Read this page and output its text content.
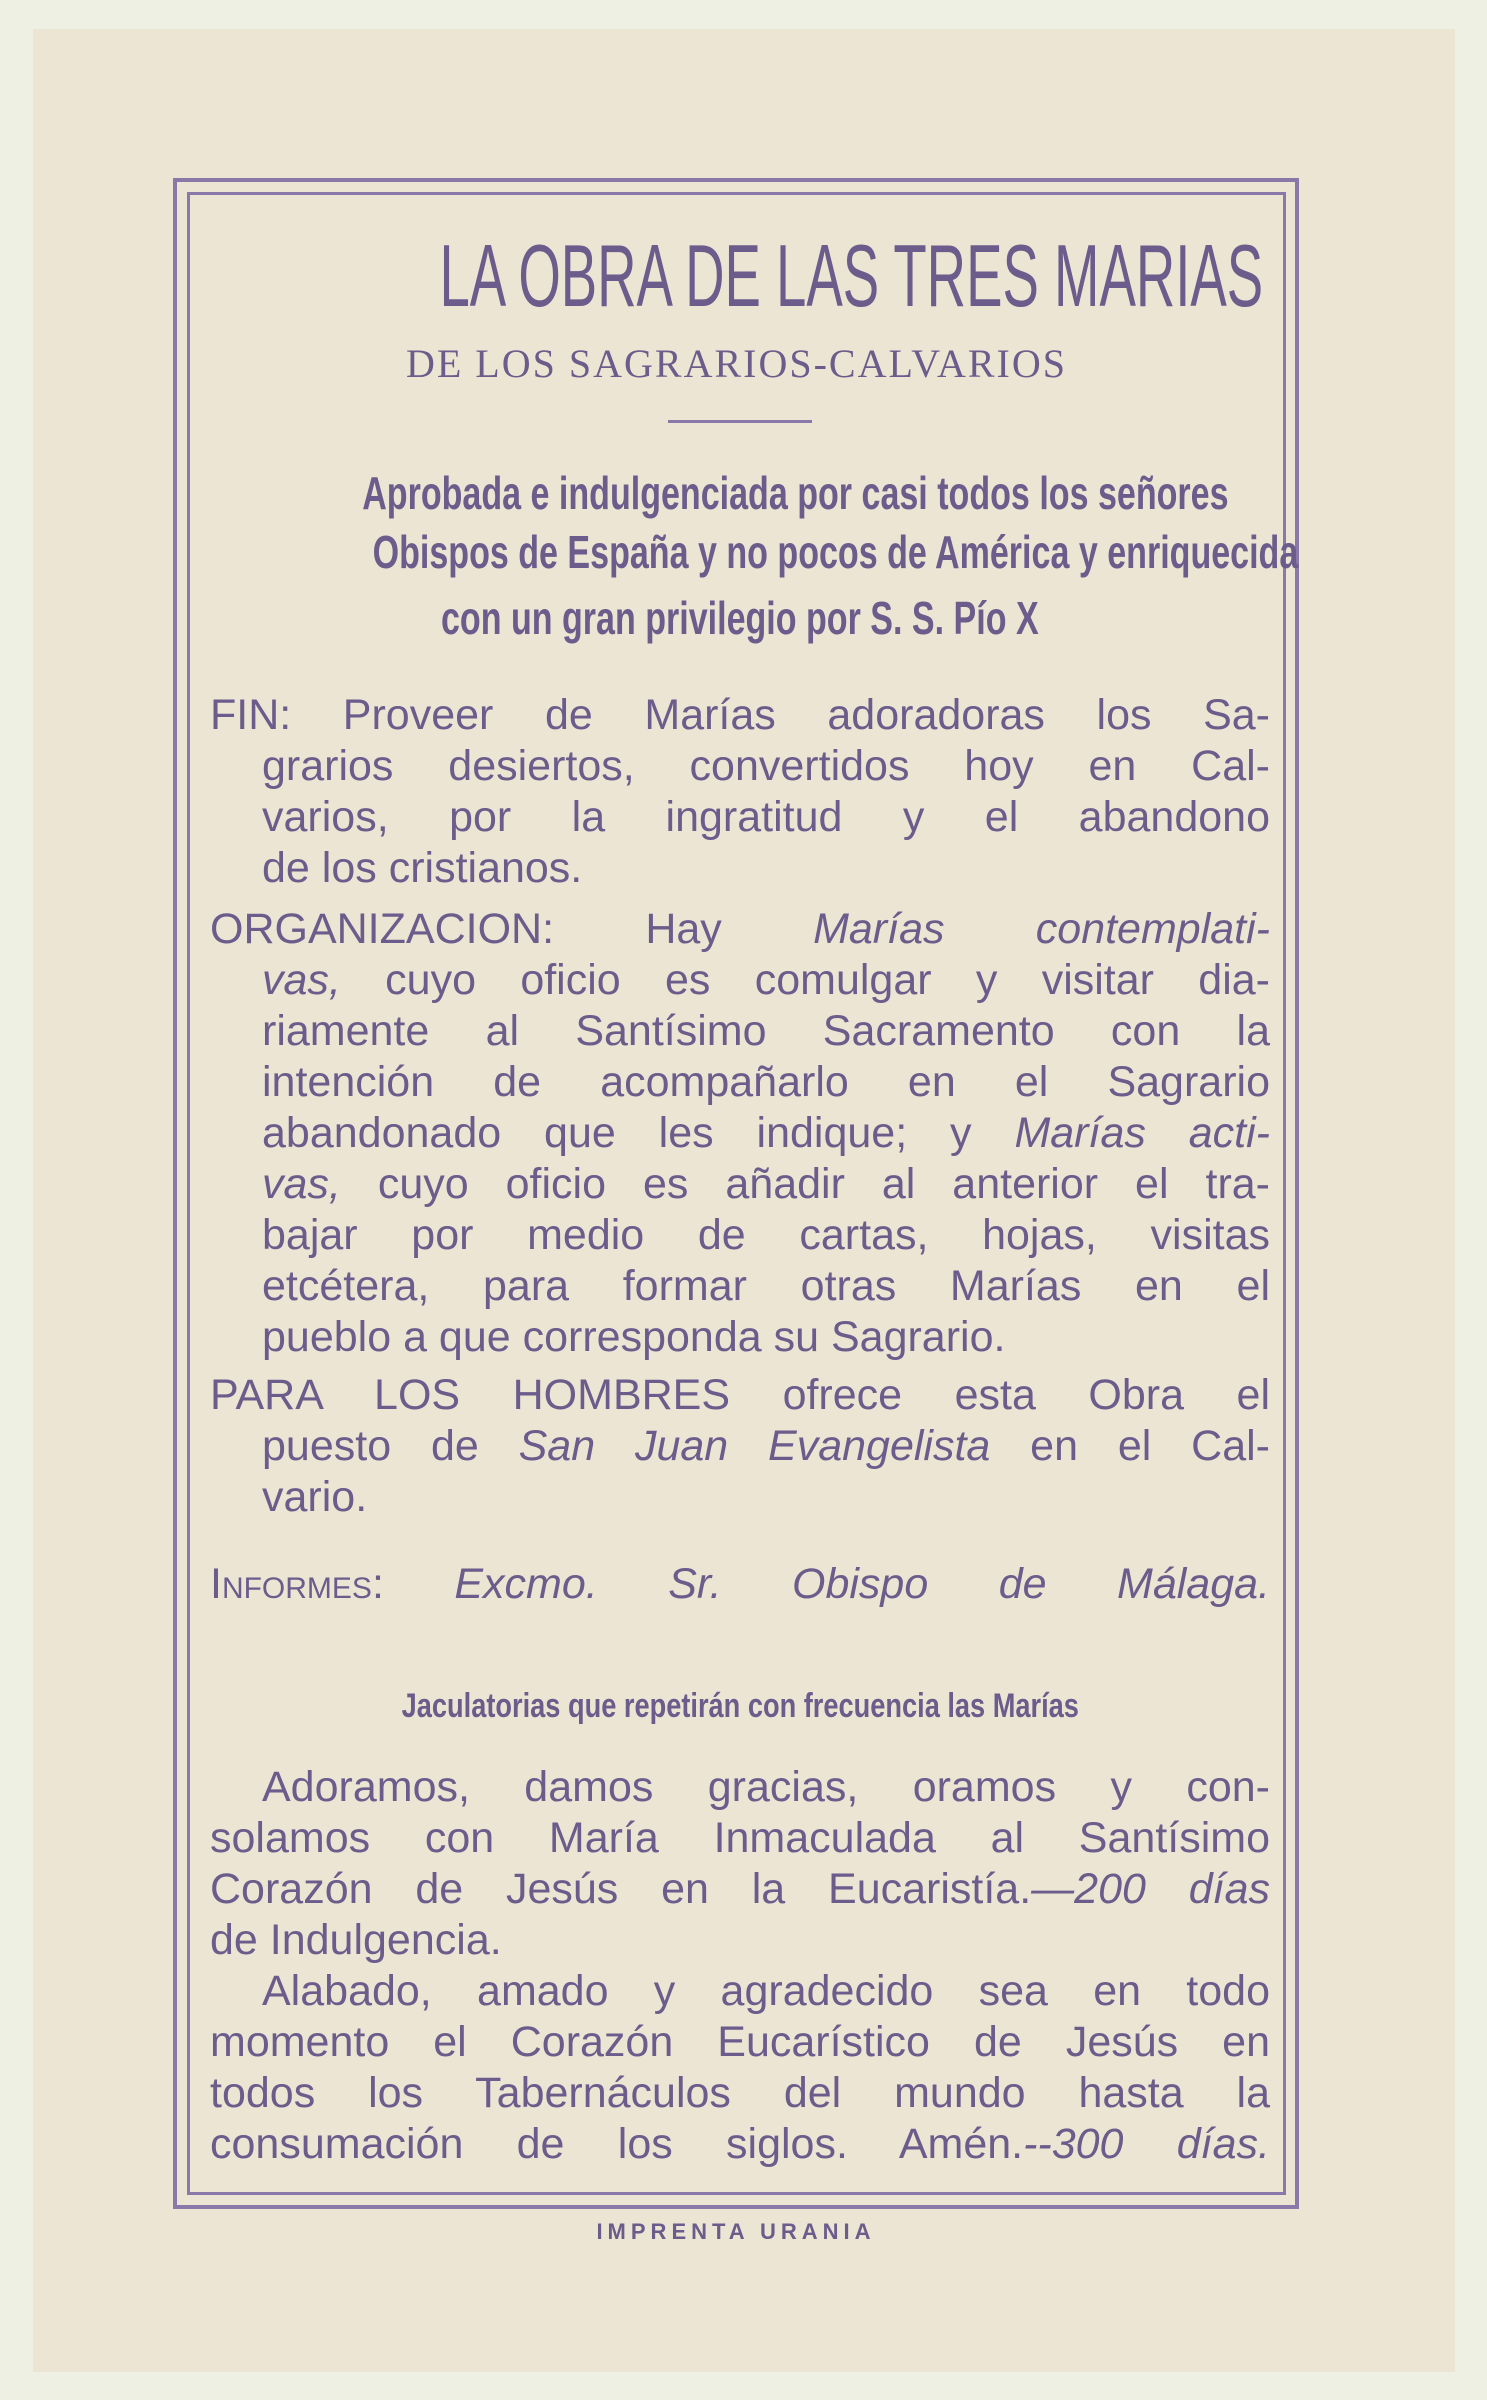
LA OBRA DE LAS TRES MARIAS
DE LOS SAGRARIOS-CALVARIOS
Aprobada e indulgenciada por casi todos los señores
Obispos de España y no pocos de América y enriquecida
con un gran privilegio por S. S. Pío X
FIN: Proveer de Marías adoradoras los Sa-
grarios desiertos, convertidos hoy en Cal-
varios, por la ingratitud y el abandono
de los cristianos.
ORGANIZACION: Hay Marías contemplati-
vas, cuyo oficio es comulgar y visitar dia-
riamente al Santísimo Sacramento con la
intención de acompañarlo en el Sagrario
abandonado que les indique; y Marías acti-
vas, cuyo oficio es añadir al anterior el tra-
bajar por medio de cartas, hojas, visitas
etcétera, para formar otras Marías en el
pueblo a que corresponda su Sagrario.
PARA LOS HOMBRES ofrece esta Obra el
puesto de San Juan Evangelista en el Cal-
vario.
Informes: Excmo. Sr. Obispo de Málaga.
Jaculatorias que repetirán con frecuencia las Marías
Adoramos, damos gracias, oramos y con-
solamos con María Inmaculada al Santísimo
Corazón de Jesús en la Eucaristía.—200 días
de Indulgencia.
Alabado, amado y agradecido sea en todo
momento el Corazón Eucarístico de Jesús en
todos los Tabernáculos del mundo hasta la
consumación de los siglos. Amén.--300 días.
IMPRENTA URANIA
